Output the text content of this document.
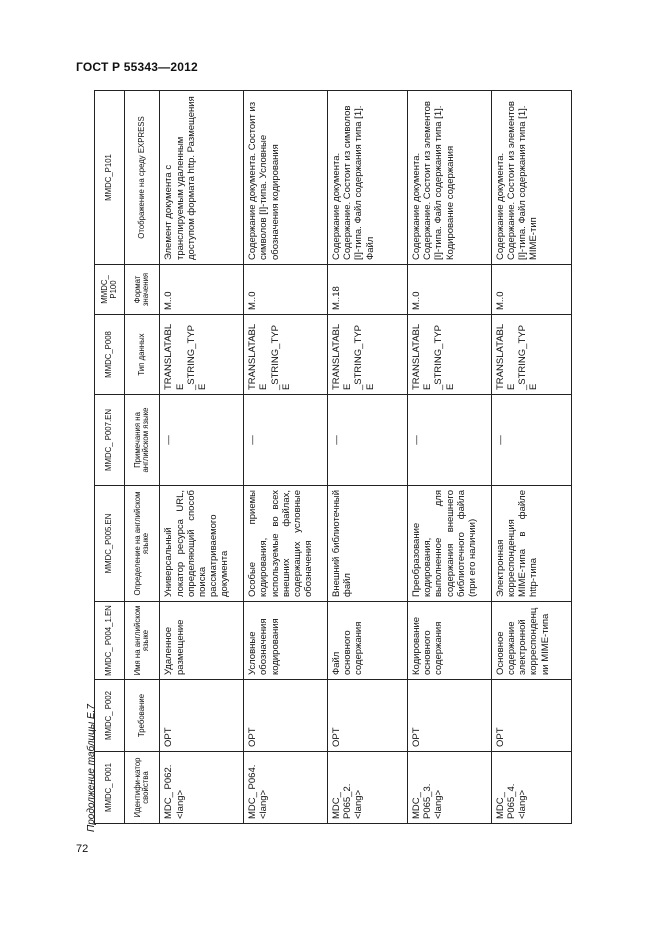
ГОСТ Р 55343—2012
Продолжение таблицы Е.7
72
MMDC_ P001	MMDC_ P002	MMDC_ P004_1.EN	MMDC_P005.EN	MMDC_ P007.EN	MMDC_P008	MMDC_ P100	MMDC_P101
Идентифи-катор свойства	Требование	Имя на английском языке	Определение на английском языке	Примечания на английском языке	Тип данных	Формат значения	Отображение на среду EXPRESS
MDC_ P062. <lang>	OPT	Удаленное размещение	Универсальный локатор ресурса URL, определяющий способ поиска рассматриваемого документа	—	TRANSLATABLE _STRING_TYPE	M..0	Элемент документа с транслируемым удаленным доступом формата http. Размещения
MDC_ P064. <lang>	OPT	Условные обозначения кодирования	Особые приемы кодирования, используемые во всех внешних файлах, содержащих условные обозначения	—	TRANSLATABLE _STRING_TYPE	M..0	Содержание документа. Состоит из символов [I]-типа. Условные обозначения кодирования
MDC_ P065_2. <lang>	OPT	Файл основного содержания	Внешний библиотечный файл	—	TRANSLATABLE _STRING_TYPE	M..18	Содержание документа. Содержание. Состоит из символов [I]-типа. Файл содержания типа [1]. Файл
MDC_ P065_3. <lang>	OPT	Кодирование основного содержания	Преобразование кодирования, выполненное для содержания внешнего библиотечного файла (при его наличии)	—	TRANSLATABLE _STRING_TYPE	M..0	Содержание документа. Содержание. Состоит из элементов [I]-типа. Файл содержания типа [1]. Кодирование содержания
MDC_ P065_4. <lang>	OPT	Основное содержание электронной корреспонденции MIME-типа	Электронная корреспонденция MIME-типа в файле http-типа	—	TRANSLATABLE _STRING_TYPE	M..0	Содержание документа. Содержание. Состоит из элементов [I]-типа. Файл содержания типа [1]. MIME-тип
